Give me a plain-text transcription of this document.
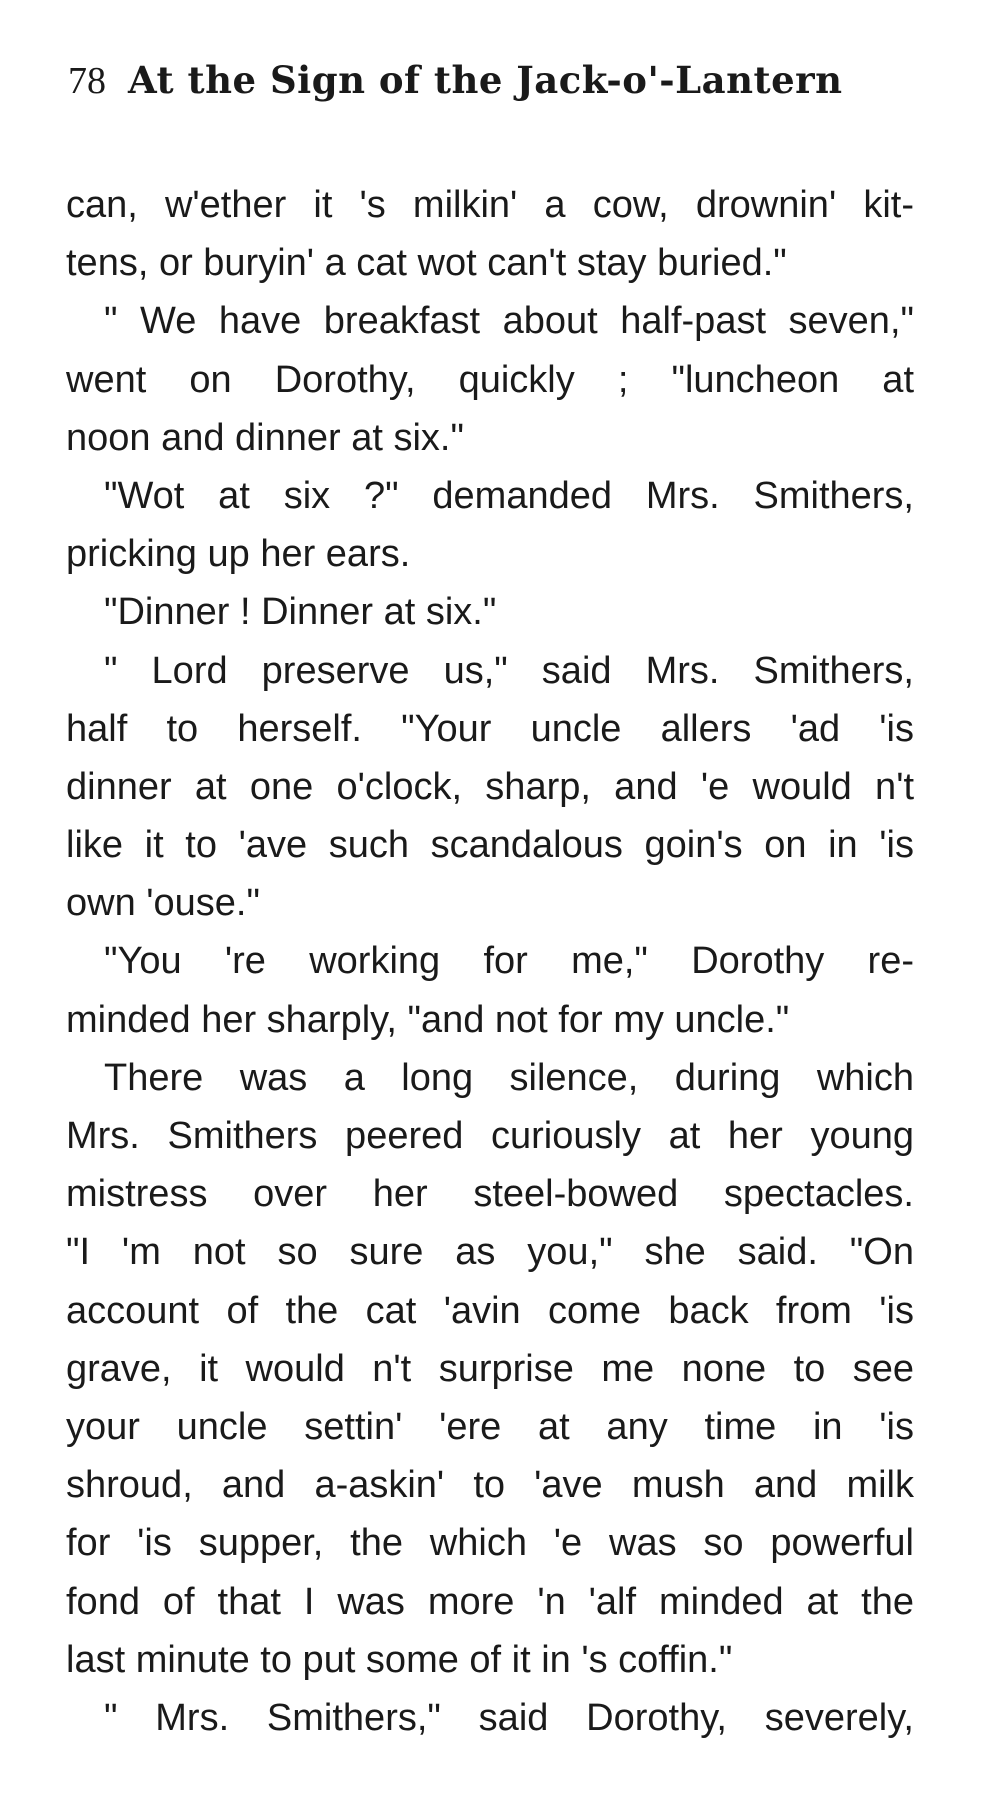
78 At the Sign of the Jack-o'-Lantern
can, w'ether it 's milkin' a cow, drownin' kit-
tens, or buryin' a cat wot can't stay buried."
" We have breakfast about half-past seven,"
went on Dorothy, quickly ; "luncheon at
noon and dinner at six."
"Wot at six ?" demanded Mrs. Smithers,
pricking up her ears.
"Dinner ! Dinner at six."
" Lord preserve us," said Mrs. Smithers,
half to herself. "Your uncle allers 'ad 'is
dinner at one o'clock, sharp, and 'e would n't
like it to 'ave such scandalous goin's on in 'is
own 'ouse."
"You 're working for me," Dorothy re-
minded her sharply, "and not for my uncle."
There was a long silence, during which
Mrs. Smithers peered curiously at her young
mistress over her steel-bowed spectacles.
"I 'm not so sure as you," she said. "On
account of the cat 'avin come back from 'is
grave, it would n't surprise me none to see
your uncle settin' 'ere at any time in 'is
shroud, and a-askin' to 'ave mush and milk
for 'is supper, the which 'e was so powerful
fond of that I was more 'n 'alf minded at the
last minute to put some of it in 's coffin."
" Mrs. Smithers," said Dorothy, severely,
